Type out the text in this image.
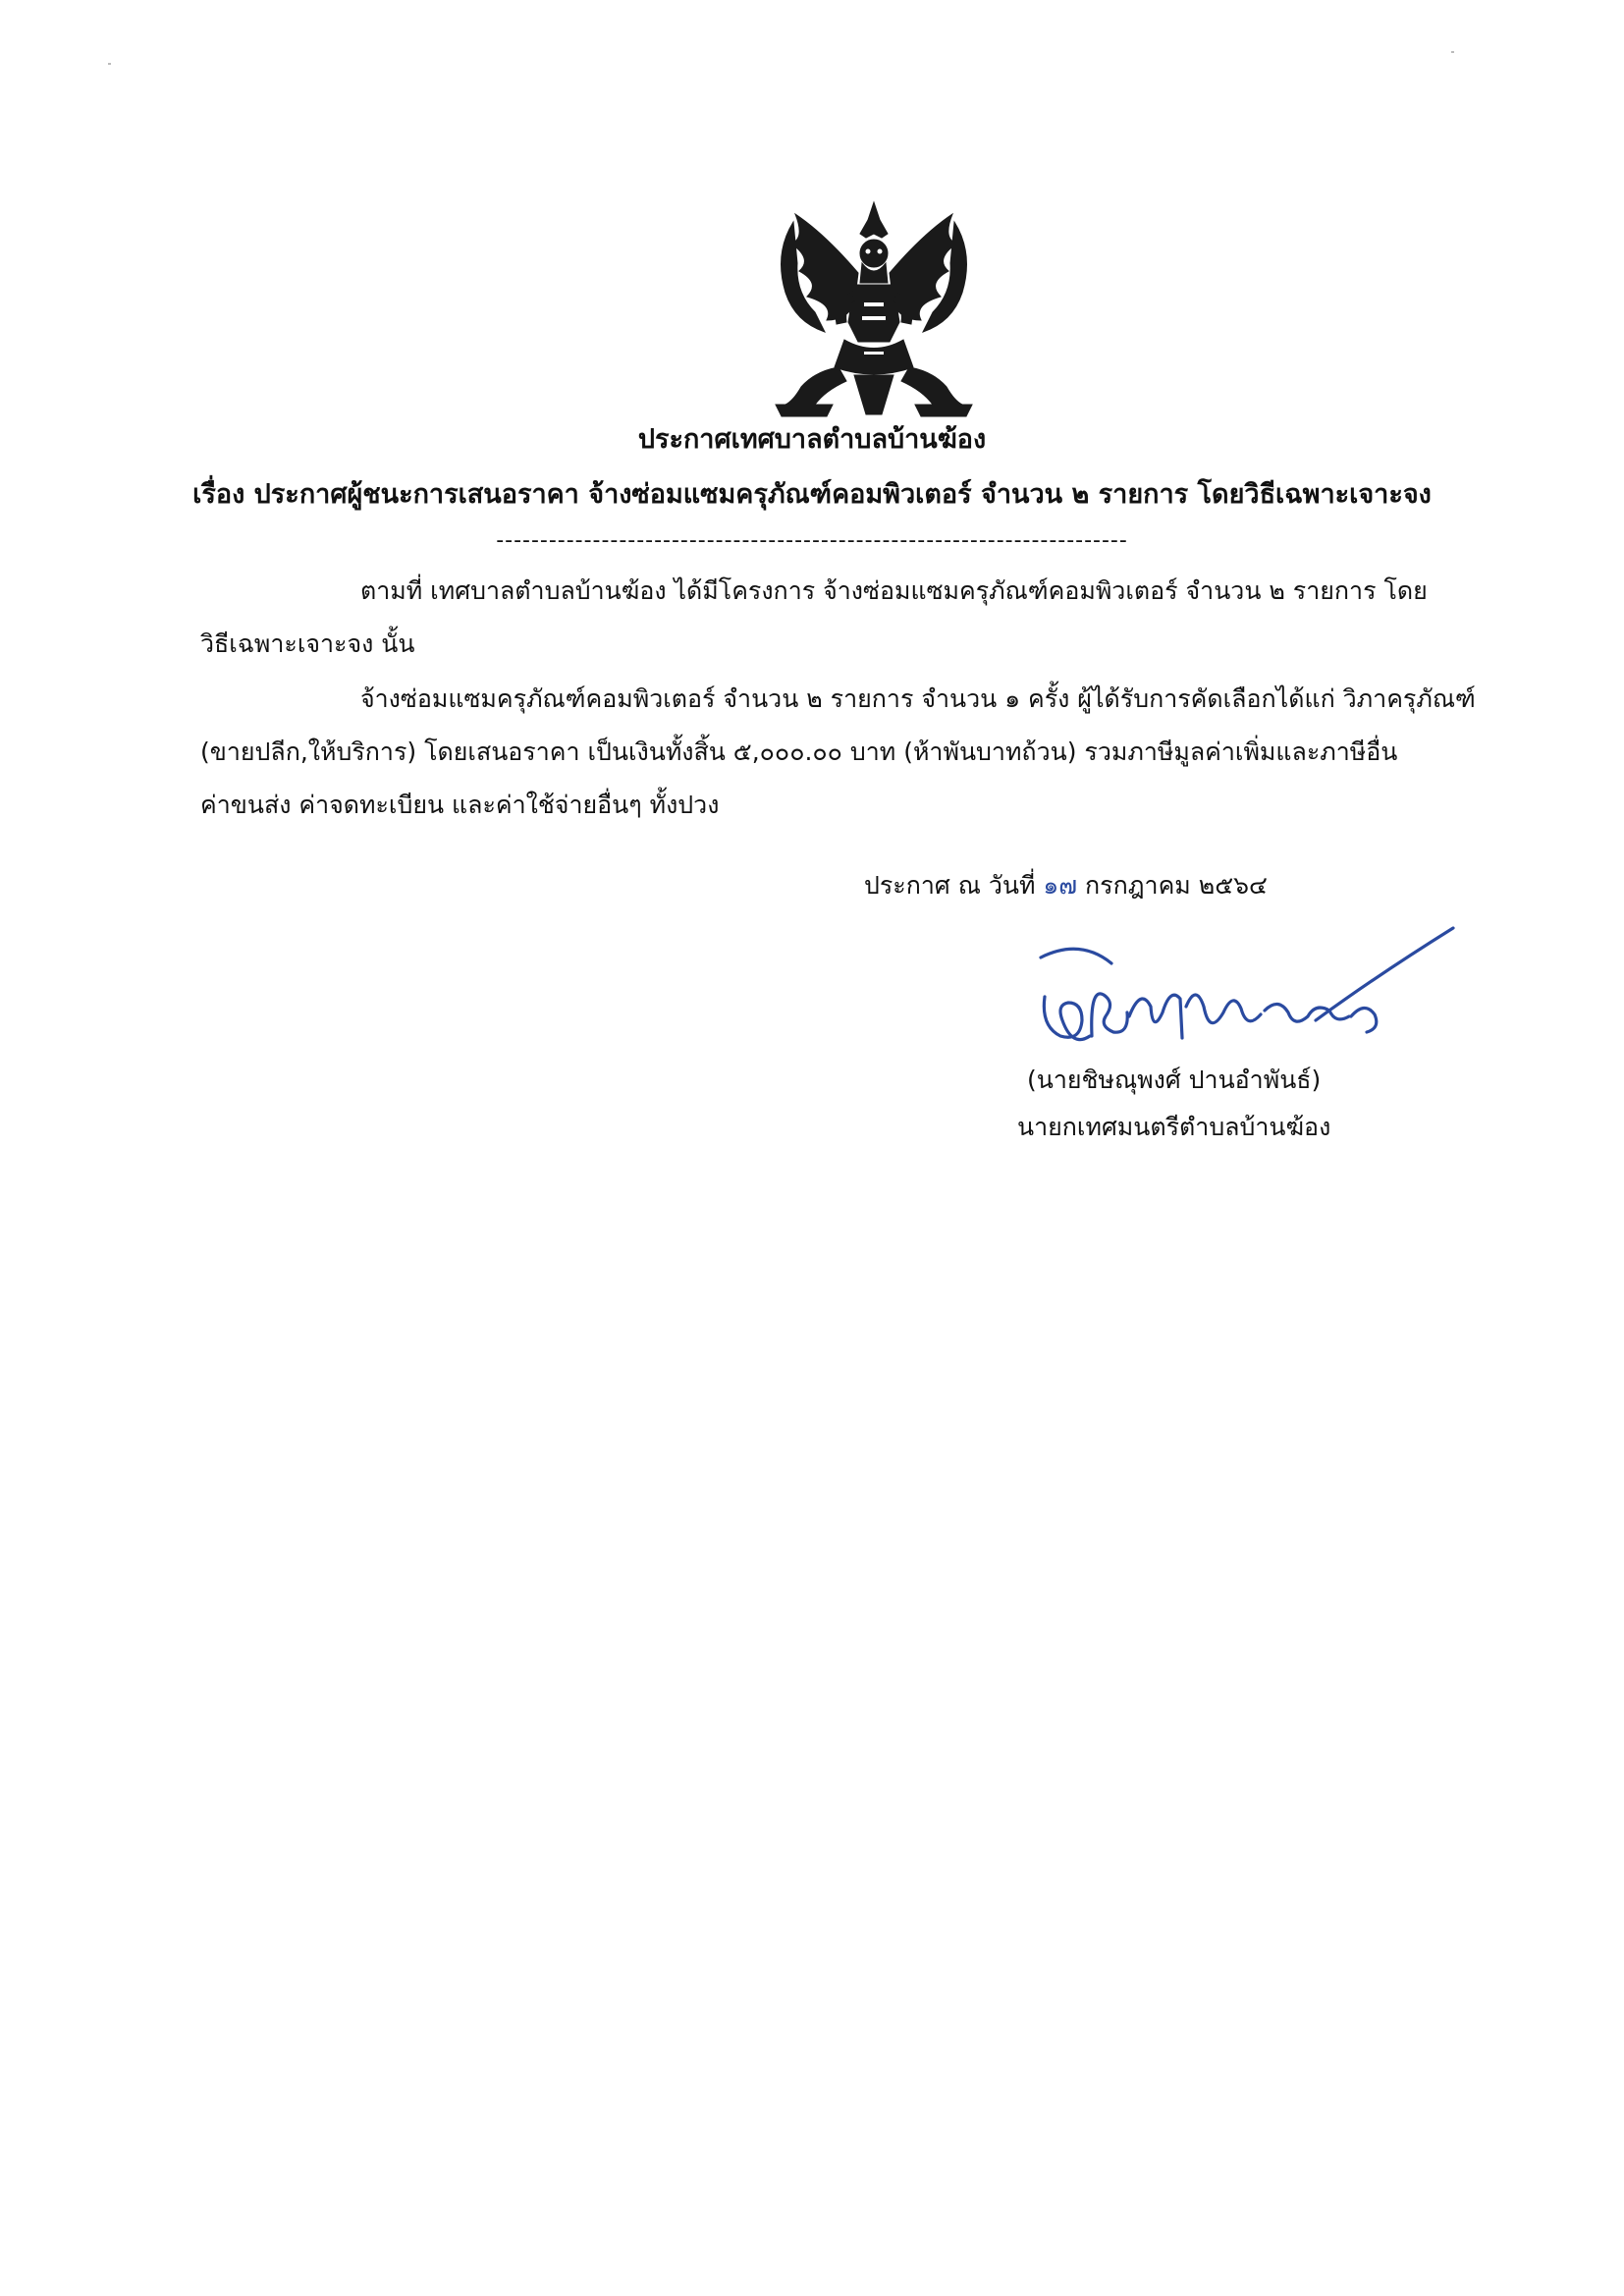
ประกาศเทศบาลตำบลบ้านฆ้อง
เรื่อง ประกาศผู้ชนะการเสนอราคา จ้างซ่อมแซมครุภัณฑ์คอมพิวเตอร์ จำนวน ๒ รายการ โดยวิธีเฉพาะเจาะจง
------------------------------------------------------------------------
ตามที่ เทศบาลตำบลบ้านฆ้อง ได้มีโครงการ จ้างซ่อมแซมครุภัณฑ์คอมพิวเตอร์ จำนวน ๒ รายการ โดย
วิธีเฉพาะเจาะจง นั้น
จ้างซ่อมแซมครุภัณฑ์คอมพิวเตอร์ จำนวน ๒ รายการ จำนวน ๑ ครั้ง ผู้ได้รับการคัดเลือกได้แก่ วิภาครุภัณฑ์
(ขายปลีก,ให้บริการ) โดยเสนอราคา เป็นเงินทั้งสิ้น ๕,๐๐๐.๐๐ บาท (ห้าพันบาทถ้วน) รวมภาษีมูลค่าเพิ่มและภาษีอื่น
ค่าขนส่ง ค่าจดทะเบียน และค่าใช้จ่ายอื่นๆ ทั้งปวง
ประกาศ ณ วันที่ ๑๗ กรกฎาคม ๒๕๖๔
(นายชิษณุพงศ์ ปานอำพันธ์)
นายกเทศมนตรีตำบลบ้านฆ้อง
